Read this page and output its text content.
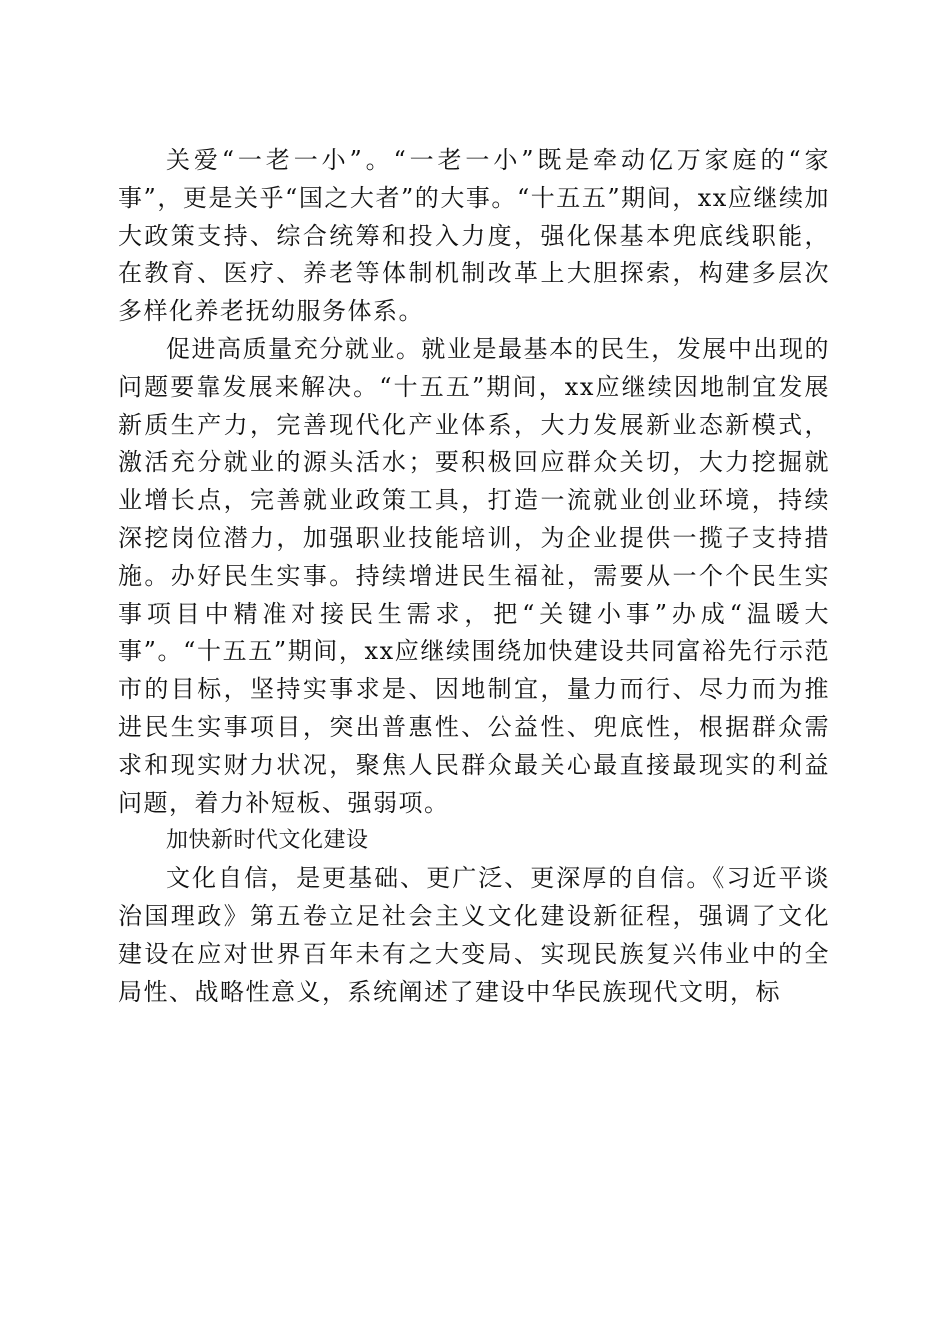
关爱“一老一小”。“一老一小”既是牵动亿万家庭的“家事”，更是关乎“国之大者”的大事。“十五五”期间，xx应继续加大政策支持、综合统筹和投入力度，强化保基本兜底线职能，在教育、医疗、养老等体制机制改革上大胆探索，构建多层次多样化养老抚幼服务体系。

促进高质量充分就业。就业是最基本的民生，发展中出现的问题要靠发展来解决。“十五五”期间，xx应继续因地制宜发展新质生产力，完善现代化产业体系，大力发展新业态新模式，激活充分就业的源头活水；要积极回应群众关切，大力挖掘就业增长点，完善就业政策工具，打造一流就业创业环境，持续深挖岗位潜力，加强职业技能培训，为企业提供一揽子支持措施。办好民生实事。持续增进民生福祉，需要从一个个民生实事项目中精准对接民生需求，把“关键小事”办成“温暖大事”。“十五五”期间，xx应继续围绕加快建设共同富裕先行示范市的目标，坚持实事求是、因地制宜，量力而行、尽力而为推进民生实事项目，突出普惠性、公益性、兜底性，根据群众需求和现实财力状况，聚焦人民群众最关心最直接最现实的利益问题，着力补短板、强弱项。

加快新时代文化建设

文化自信，是更基础、更广泛、更深厚的自信。《习近平谈治国理政》第五卷立足社会主义文化建设新征程，强调了文化建设在应对世界百年未有之大变局、实现民族复兴伟业中的全局性、战略性意义，系统阐述了建设中华民族现代文明，标
